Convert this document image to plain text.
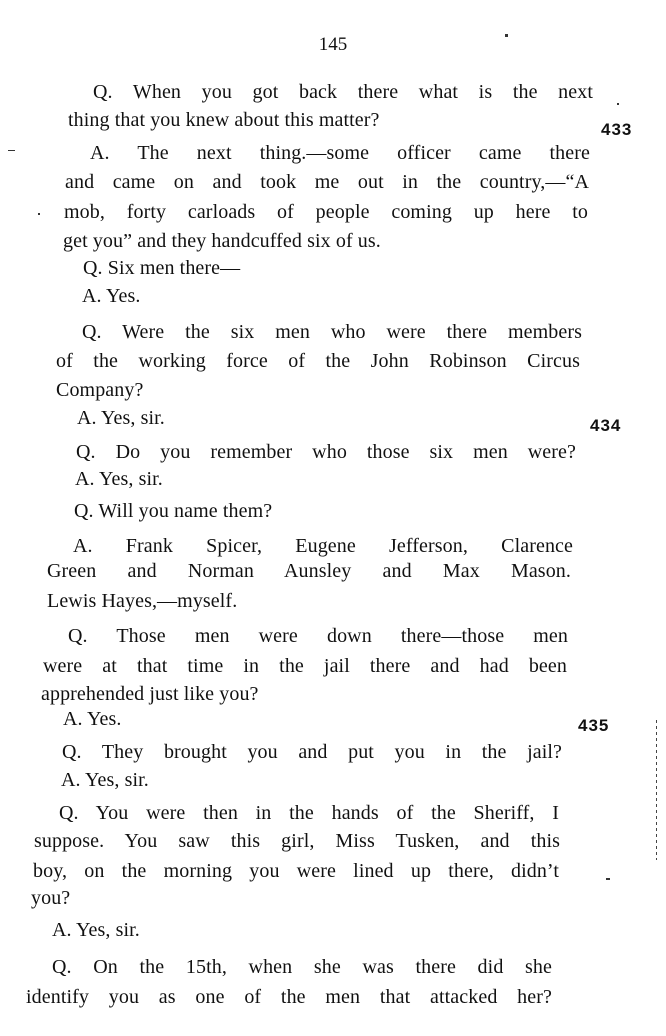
145
Q. When you got back there what is the next
thing that you knew about this matter?
A. The next thing.—some officer came there
and came on and took me out in the country,—“A
mob, forty carloads of people coming up here to
get you” and they handcuffed six of us.
Q. Six men there—
A. Yes.
Q. Were the six men who were there members
of the working force of the John Robinson Circus
Company?
A. Yes, sir.
Q. Do you remember who those six men were?
A. Yes, sir.
Q. Will you name them?
A. Frank Spicer, Eugene Jefferson, Clarence
Green and Norman Aunsley and Max Mason.
Lewis Hayes,—myself.
Q. Those men were down there—those men
were at that time in the jail there and had been
apprehended just like you?
A. Yes.
Q. They brought you and put you in the jail?
A. Yes, sir.
Q. You were then in the hands of the Sheriff, I
suppose. You saw this girl, Miss Tusken, and this
boy, on the morning you were lined up there, didn’t
you?
A. Yes, sir.
Q. On the 15th, when she was there did she
identify you as one of the men that attacked her?
433
434
435
